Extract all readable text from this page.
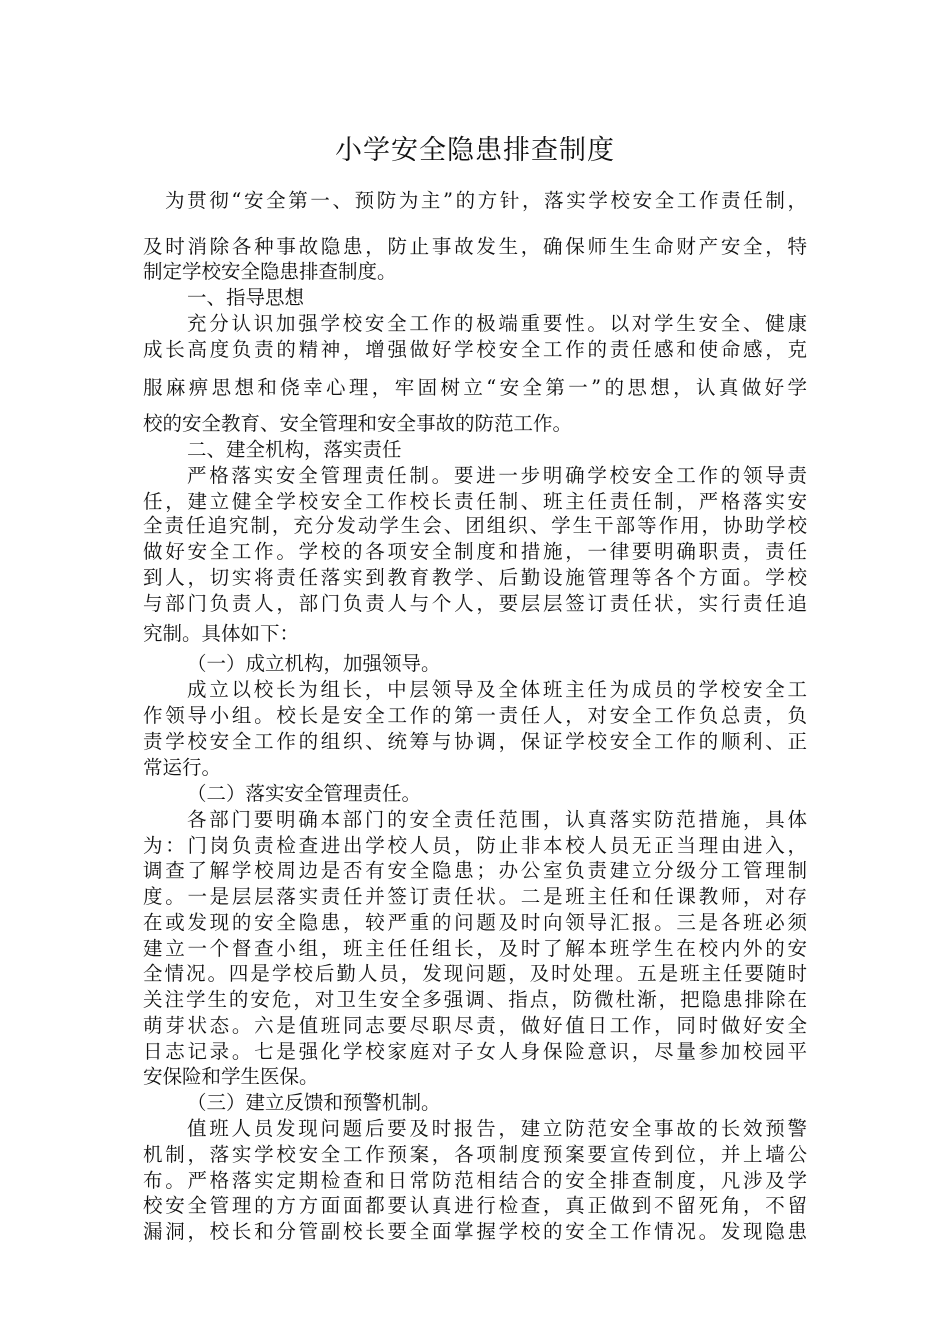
小学安全隐患排查制度
为贯彻“安全第一、预防为主”的方针，落实学校安全工作责任制，
及时消除各种事故隐患，防止事故发生，确保师生生命财产安全，特
制定学校安全隐患排查制度。
一、指导思想
充分认识加强学校安全工作的极端重要性。以对学生安全、健康
成长高度负责的精神，增强做好学校安全工作的责任感和使命感，克
服麻痹思想和侥幸心理，牢固树立“安全第一”的思想，认真做好学
校的安全教育、安全管理和安全事故的防范工作。
二、建全机构，落实责任
严格落实安全管理责任制。要进一步明确学校安全工作的领导责
任，建立健全学校安全工作校长责任制、班主任责任制，严格落实安
全责任追究制，充分发动学生会、团组织、学生干部等作用，协助学校
做好安全工作。学校的各项安全制度和措施，一律要明确职责，责任
到人，切实将责任落实到教育教学、后勤设施管理等各个方面。学校
与部门负责人，部门负责人与个人，要层层签订责任状，实行责任追
究制。具体如下：
（一）成立机构，加强领导。
成立以校长为组长，中层领导及全体班主任为成员的学校安全工
作领导小组。校长是安全工作的第一责任人，对安全工作负总责，负
责学校安全工作的组织、统筹与协调，保证学校安全工作的顺利、正
常运行。
（二）落实安全管理责任。
各部门要明确本部门的安全责任范围，认真落实防范措施，具体
为：门岗负责检查进出学校人员，防止非本校人员无正当理由进入，
调查了解学校周边是否有安全隐患；办公室负责建立分级分工管理制
度。一是层层落实责任并签订责任状。二是班主任和任课教师，对存
在或发现的安全隐患，较严重的问题及时向领导汇报。三是各班必须
建立一个督查小组，班主任任组长，及时了解本班学生在校内外的安
全情况。四是学校后勤人员，发现问题，及时处理。五是班主任要随时
关注学生的安危，对卫生安全多强调、指点，防微杜渐，把隐患排除在
萌芽状态。六是值班同志要尽职尽责，做好值日工作，同时做好安全
日志记录。七是强化学校家庭对子女人身保险意识，尽量参加校园平
安保险和学生医保。
（三）建立反馈和预警机制。
值班人员发现问题后要及时报告，建立防范安全事故的长效预警
机制，落实学校安全工作预案，各项制度预案要宣传到位，并上墙公
布。严格落实定期检查和日常防范相结合的安全排查制度，凡涉及学
校安全管理的方方面面都要认真进行检查，真正做到不留死角，不留
漏洞，校长和分管副校长要全面掌握学校的安全工作情况。发现隐患
